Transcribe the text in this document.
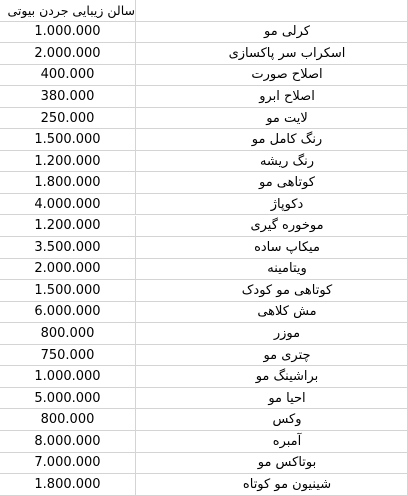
سالن زیبایی جردن بیوتی
1.000.000	کرلی مو
2.000.000	اسکراب سر پاکسازی
400.000	اصلاح صورت
380.000	اصلاح ابرو
250.000	لایت مو
1.500.000	رنگ کامل مو
1.200.000	رنگ ریشه
1.800.000	کوتاهی مو
4.000.000	دکوپاژ
1.200.000	موخوره گیری
3.500.000	میکاپ ساده
2.000.000	ویتامینه
1.500.000	کوتاهی مو کودک
6.000.000	مش کلاهی
800.000	موزر
750.000	چتری مو
1.000.000	براشینگ مو
5.000.000	احیا مو
800.000	وکس
8.000.000	آمبره
7.000.000	بوتاکس مو
1.800.000	شینیون مو کوتاه
